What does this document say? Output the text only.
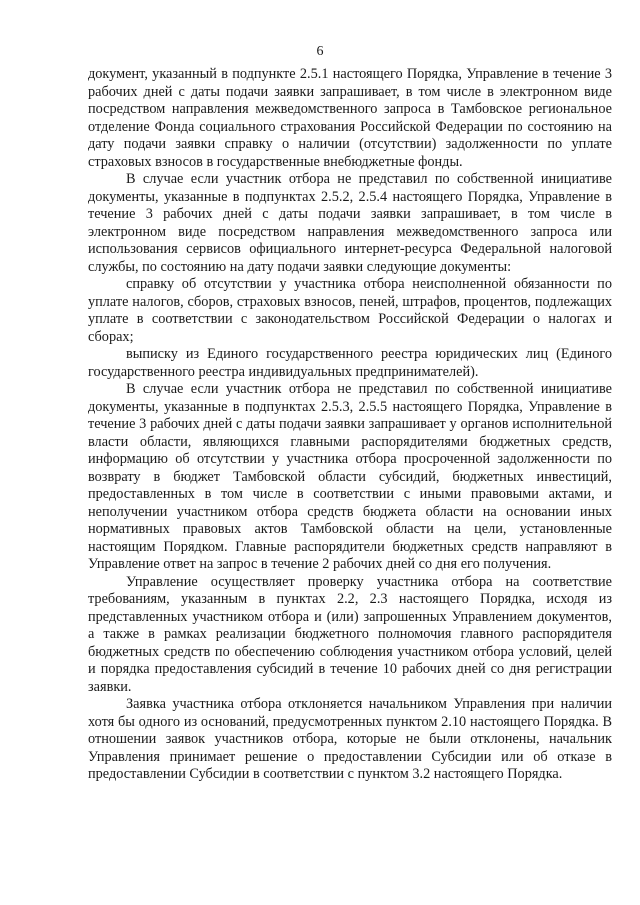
6

документ, указанный в подпункте 2.5.1 настоящего Порядка, Управление в течение 3 рабочих дней с даты подачи заявки запрашивает, в том числе в электронном виде посредством направления межведомственного запроса в Тамбовское региональное отделение Фонда социального страхования Российской Федерации по состоянию на дату подачи заявки справку о наличии (отсутствии) задолженности по уплате страховых взносов в государственные внебюджетные фонды.

В случае если участник отбора не представил по собственной инициативе документы, указанные в подпунктах 2.5.2, 2.5.4 настоящего Порядка, Управление в течение 3 рабочих дней с даты подачи заявки запрашивает, в том числе в электронном виде посредством направления межведомственного запроса или использования сервисов официального интернет-ресурса Федеральной налоговой службы, по состоянию на дату подачи заявки следующие документы:

справку об отсутствии у участника отбора неисполненной обязанности по уплате налогов, сборов, страховых взносов, пеней, штрафов, процентов, подлежащих уплате в соответствии с законодательством Российской Федерации о налогах и сборах;

выписку из Единого государственного реестра юридических лиц (Единого государственного реестра индивидуальных предпринимателей).

В случае если участник отбора не представил по собственной инициативе документы, указанные в подпунктах 2.5.3, 2.5.5 настоящего Порядка, Управление в течение 3 рабочих дней с даты подачи заявки запрашивает у органов исполнительной власти области, являющихся главными распорядителями бюджетных средств, информацию об отсутствии у участника отбора просроченной задолженности по возврату в бюджет Тамбовской области субсидий, бюджетных инвестиций, предоставленных в том числе в соответствии с иными правовыми актами, и неполучении участником отбора средств бюджета области на основании иных нормативных правовых актов Тамбовской области на цели, установленные настоящим Порядком. Главные распорядители бюджетных средств направляют в Управление ответ на запрос в течение 2 рабочих дней со дня его получения.

Управление осуществляет проверку участника отбора на соответствие требованиям, указанным в пунктах 2.2, 2.3 настоящего Порядка, исходя из представленных участником отбора и (или) запрошенных Управлением документов, а также в рамках реализации бюджетного полномочия главного распорядителя бюджетных средств по обеспечению соблюдения участником отбора условий, целей и порядка предоставления субсидий в течение 10 рабочих дней со дня регистрации заявки.

Заявка участника отбора отклоняется начальником Управления при наличии хотя бы одного из оснований, предусмотренных пунктом 2.10 настоящего Порядка. В отношении заявок участников отбора, которые не были отклонены, начальник Управления принимает решение о предоставлении Субсидии или об отказе в предоставлении Субсидии в соответствии с пунктом 3.2 настоящего Порядка.
